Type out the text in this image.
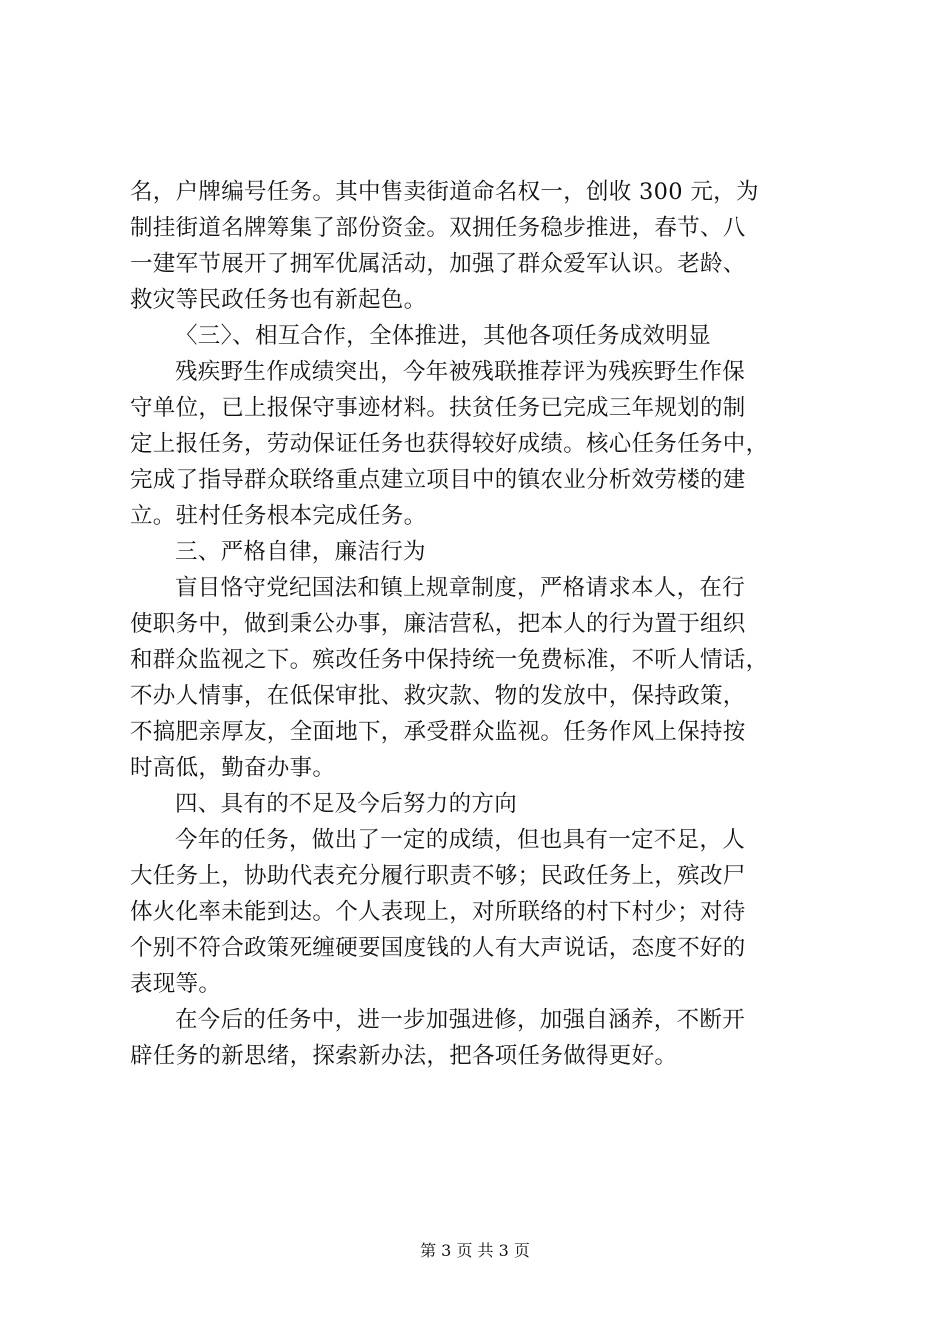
名，户牌编号任务。其中售卖街道命名权一，创收 300 元，为
制挂街道名牌筹集了部份资金。双拥任务稳步推进，春节、八
一建军节展开了拥军优属活动，加强了群众爱军认识。老龄、
救灾等民政任务也有新起色。
〈三〉、相互合作，全体推进，其他各项任务成效明显
残疾野生作成绩突出，今年被残联推荐评为残疾野生作保
守单位，已上报保守事迹材料。扶贫任务已完成三年规划的制
定上报任务，劳动保证任务也获得较好成绩。核心任务任务中，
完成了指导群众联络重点建立项目中的镇农业分析效劳楼的建
立。驻村任务根本完成任务。
三、严格自律，廉洁行为
盲目恪守党纪国法和镇上规章制度，严格请求本人，在行
使职务中，做到秉公办事，廉洁营私，把本人的行为置于组织
和群众监视之下。殡改任务中保持统一免费标准，不听人情话，
不办人情事，在低保审批、救灾款、物的发放中，保持政策，
不搞肥亲厚友，全面地下，承受群众监视。任务作风上保持按
时高低，勤奋办事。
四、具有的不足及今后努力的方向
今年的任务，做出了一定的成绩，但也具有一定不足，人
大任务上，协助代表充分履行职责不够；民政任务上，殡改尸
体火化率未能到达。个人表现上，对所联络的村下村少；对待
个别不符合政策死缠硬要国度钱的人有大声说话，态度不好的
表现等。
在今后的任务中，进一步加强进修，加强自涵养，不断开
辟任务的新思绪，探索新办法，把各项任务做得更好。
第 3 页 共 3 页
